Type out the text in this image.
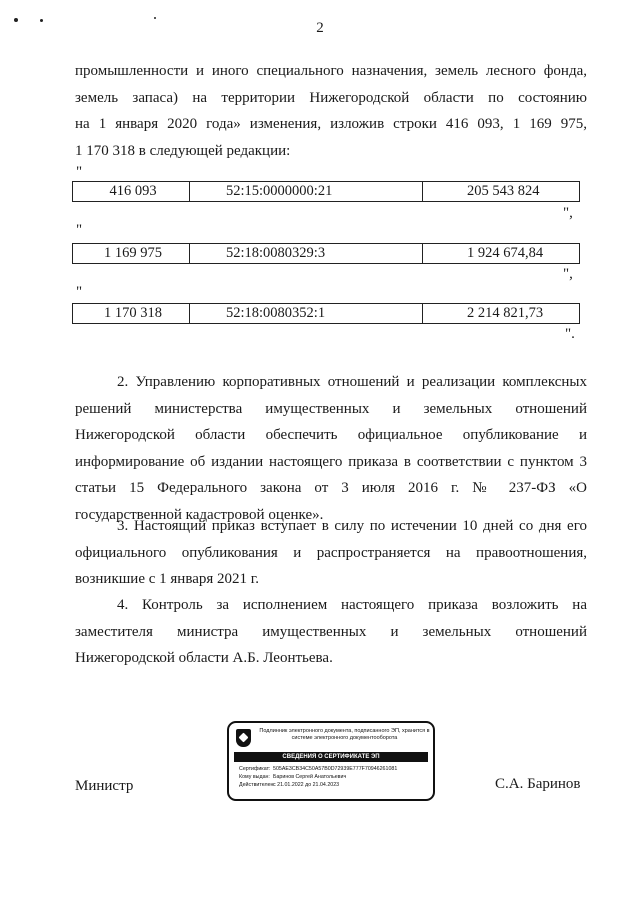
2
промышленности и иного специального назначения, земель лесного фонда,
земель запаса) на территории Нижегородской области по состоянию
на 1 января 2020 года» изменения, изложив строки 416 093, 1 169 975,
1 170 318 в следующей редакции:
"
416 093	52:15:0000000:21	205 543 824
",
"
1 169 975	52:18:0080329:3	1 924 674,84
",
"
1 170 318	52:18:0080352:1	2 214 821,73
".
2. Управлению корпоративных отношений и реализации комплексных
решений министерства имущественных и земельных отношений
Нижегородской области обеспечить официальное опубликование и
информирование об издании настоящего приказа в соответствии с пунктом 3
статьи 15 Федерального закона от 3 июля 2016 г. № 237-ФЗ «О
государственной кадастровой оценке».
3. Настоящий приказ вступает в силу по истечении 10 дней со дня его
официального опубликования и распространяется на правоотношения,
возникшие с 1 января 2021 г.
4. Контроль за исполнением настоящего приказа возложить на
заместителя министра имущественных и земельных отношений
Нижегородской области А.Б. Леонтьева.
Министр
Подлинник электронного документа, подписанного ЭП, хранится в системе электронного документооборота
СВЕДЕНИЯ О СЕРТИФИКАТЕ ЭП
Сертификат: 505AE3CB34C50A57B0D72939E777F70946261081
Кому выдан: Баринов Сергей Анатольевич
Действителен:с 21.01.2022 до 21.04.2023	С.А. Баринов
